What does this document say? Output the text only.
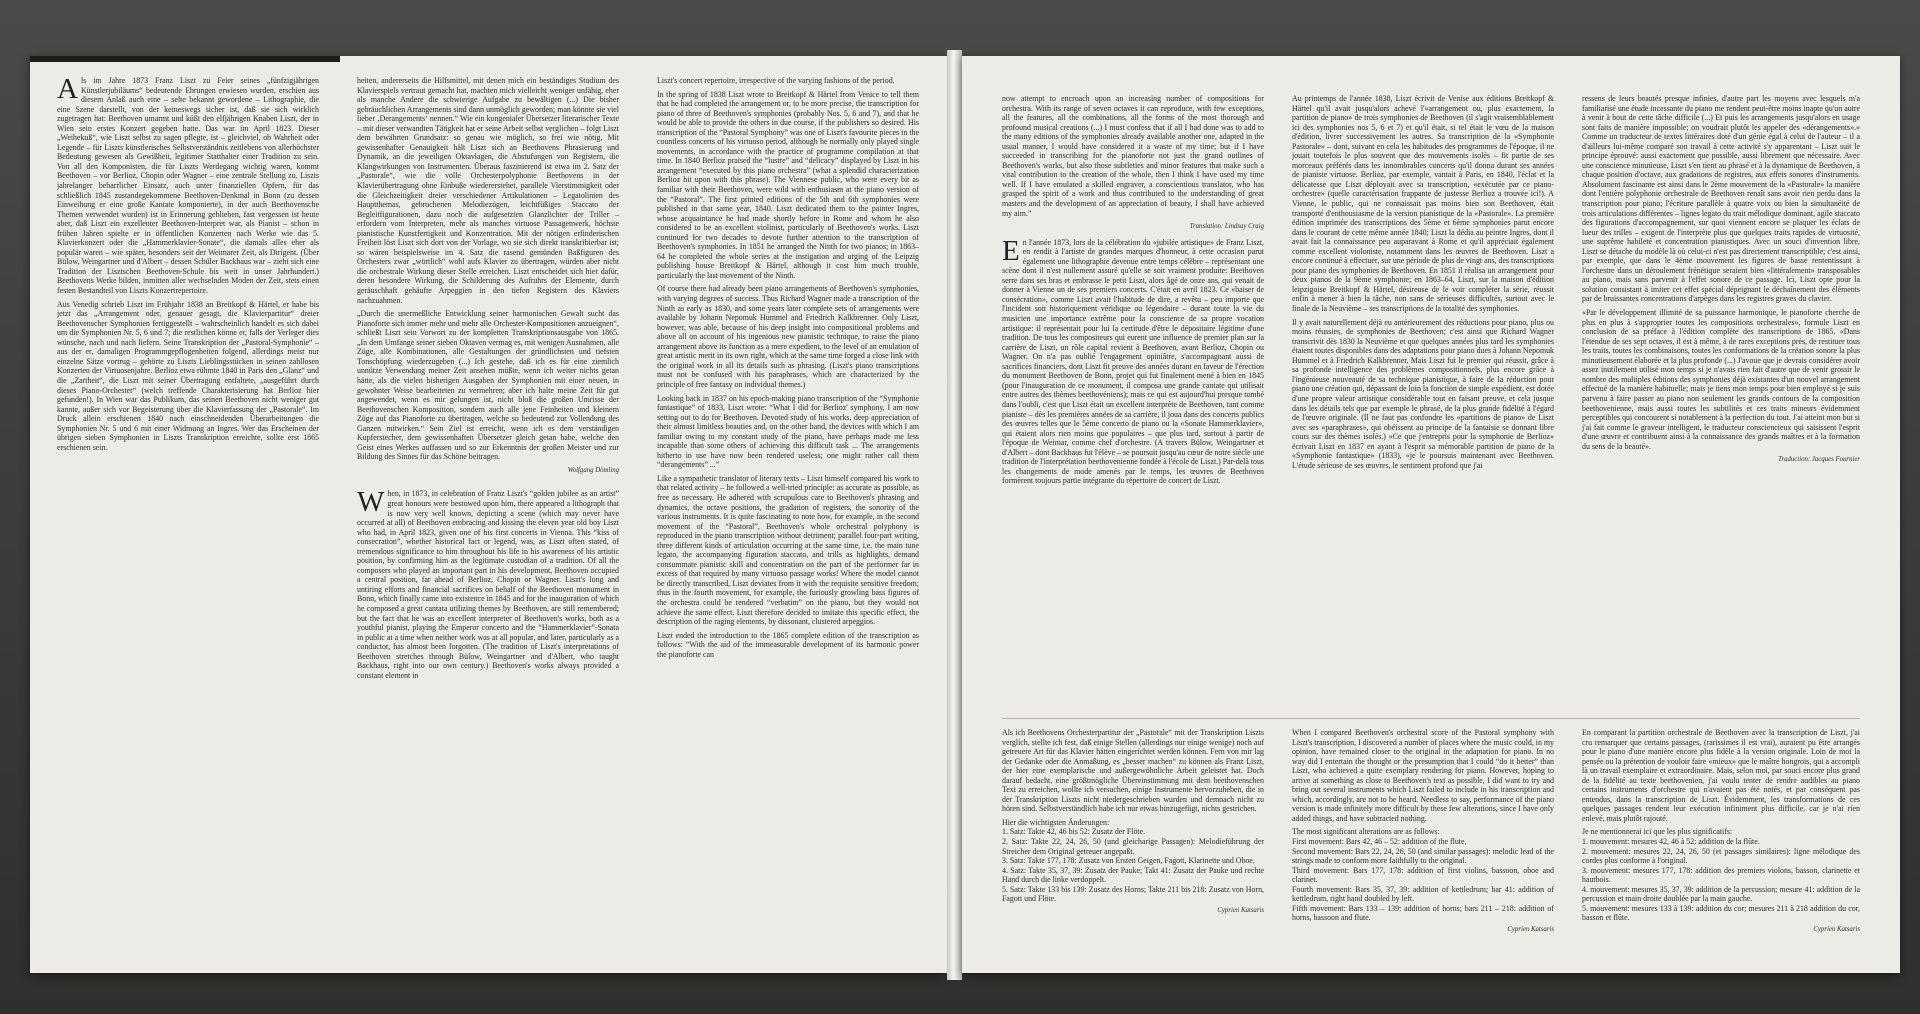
Als im Jahre 1873 Franz Liszt zu Feier seines „fünfzigjährigen Künstlerjubiläums“ bedeutende Ehrungen erwiesen wurden, erschien aus diesem Anlaß auch eine – selte bekannt gewordene – Lithographie, die eine Szene darstellt, von der keineswegs sicher ist, daß sie sich wirklich zugetragen hat: Beethoven umarmt und küßt den elfjährigen Knaben Liszt, der in Wien sein erstes Konzert gegeben hatte. Das war im April 1823. Dieser „Weihekuß“, wie Liszt selbst zu sagen pflegte, ist – gleichviel, ob Wahrheit oder Legende – für Liszts künstlerisches Selbstverständnis zeitlebens von allerhöchster Bedeutung gewesen als Gewißheit, legitimer Statthalter einer Tradition zu sein. Von all den Komponisten, die für Liszts Werdegang wichtig waren, kommt Beethoven – vor Berlioz, Chopin oder Wagner – eine zentrale Stellung zu. Liszts jahrelanger beharrlicher Einsatz, auch unter finanziellen Opfern, für das schließlich 1845 zustandegekommene Beethoven-Denkmal in Bonn (zu dessen Einweihung er eine große Kantate komponierte), in der auch Beethovensche Themen verwendet wurden) ist in Erinnerung geblieben, fast vergessen ist heute aber, daß Liszt ein exzellenter Beethoven-Interpret war, als Pianist – schon in frühen Jahren spielte er in öffentlichen Konzerten nach Werke wie das 5. Klavierkonzert oder die „Hammerklavier-Sonate“, die damals alles eher als populär waren – wie später, besonders seit der Weimarer Zeit, als Dirigent. (Über Bülow, Weingartner und d'Albert – dessen Schüler Backhaus war – zieht sich eine Tradition der Lisztschen Beethoven-Schule bis weit in unser Jahrhundert.) Beethovens Werke bilden, inmitten aller wechselnden Moden der Zeit, stets einen festen Bestandteil von Liszts Konzertrepertoire.

Aus Venedig schrieb Liszt im Frühjahr 1838 an Breitkopf & Härtel, er habe bis jetzt das „Arrangement oder, genauer gesagt, die Klavierpartitur“ dreier Beethovenscher Symphonien fertiggestellt – wahrscheinlich handelt es sich dabei um die Symphonien Nr. 5, 6 und 7; die restlichen könne er, falls der Verleger dies wünsche, nach und nach liefern. Seine Transkription der „Pastoral-Symphonie“ – aus der er, damaligen Programmgepflogenheiten folgend, allerdings meist nur einzelne Sätze vortrug – gehörte zu Liszts Lieblingsstücken in seinen zahllosen Konzerten der Virtuosenjahre. Berlioz etwa rühmte 1840 in Paris den „Glanz“ und die „Zartheit“, die Liszt mit seiner Übertragung entfaltete, „ausgeführt durch dieses Piano-Orchester“ (welch treffende Charakterisierung hat Berlioz hier gefunden!). In Wien war das Publikum, das seinen Beethoven nicht weniger gut kannte, außer sich vor Begeisterung über die Klavierfassung der „Pastorale“. Im Druck allein erschienen 1840 nach einschneidenden Überarbeitungen die Symphonien Nr. 5 und 6 mit einer Widmung an Ingres. Wer das Erscheinen der übrigen sieben Symphonien in Liszts Transkription erreichte, sollte erst 1865 erschienen sein.

heiten, andererseits die Hilfsmittel, mit denen mich ein beständiges Studium des Klavierspiels vertraut gemacht hat, machten mich vielleicht weniger unfähig, eher als manche Andere die schwierige Aufgabe zu bewältigen (...) Die bisher gebräuchlichen Arrangements sind dann unmöglich geworden; man könnte sie viel lieber ‚Derangements‘ nennen.“ Wie ein kongenialer Übersetzer literarischer Texte – mit dieser verwandten Tätigkeit hat er seine Arbeit selbst verglichen – folgt Liszt dem bewährten Grundsatz: so genau wie möglich, so frei wie nötig. Mit gewissenhafter Genauigkeit hält Liszt sich an Beethovens Phrasierung und Dynamik, an die jeweiligen Oktavlagen, die Abstufungen von Registern, die Klangwirkungen von Instrumenten. Überaus faszinierend ist etwa im 2. Satz der „Pastorale“, wie die volle Orchesterpolyphonie Beethovens in der Klavierübertragung ohne Einbuße wiedererstehet, parallele Vierstimmigkeit oder die Gleichzeitigkeit dreier verschiedener Artikulationen – Legatolinien des Hauptthemas, gebrochenen Melodiezügen, leichtfüßiges Staccato der Begleitfigurationen, dazu noch die aufgesetzten Glanzlichter der Triller – erfordern vom Interpreten, mehr als manches virtuose Passagenwerk, höchste pianistische Kunstfertigkeit und Konzentration. Mit der nötigen erfinderischen Freiheit löst Liszt sich dort von der Vorlage, wo sie sich direkt transkribierbar ist; so wären beispielsweise im 4. Satz die rasend gemünden Baßfiguren des Orchesters zwar „wörtlich“ wohl aufs Klavier zu übertragen, würden aber nicht die orchestrale Wirkung dieser Stelle erreichen. Liszt entscheidet sich hier dafür, deren besondere Wirkung, die Schilderung des Aufruhrs der Elemente, durch geräuschhaft gehäufte Arpeggien in den tiefen Registern des Klaviers nachzuahmen.

„Durch die unermeßliche Entwicklung seiner harmonischen Gewalt sucht das Pianoforte sich immer mehr und mehr alle Orchester-Kompositionen anzueignen“, schließt Liszt sein Vorwort zu der kompletten Transkriptionsausgabe von 1865. „In dem Umfange seiner sieben Oktaven vermag es, mit wenigen Ausnahmen, alle Züge, alle Kombinationen, alle Gestaltungen der gründlichsten und tiefsten Tonschöpfung wiederzugeben (...) Ich gestehe, daß ich es für eine ziemlich unnütze Verwendung meiner Zeit ansehen müßte, wenn ich weiter nichts getan hätte, als die vielen bisherigen Ausgaben der Symphonien mit einer neuen, in gewohnter Weise bearbeiteten zu vermehren; aber ich halte meine Zeit für gut angewendet, wenn es mir gelungen ist, nicht bloß die großen Umrisse der Beethovenschen Komposition, sondern auch alle jene Feinheiten und kleinern Züge auf das Pianoforte zu übertragen, welche so bedeutend zur Vollendung des Ganzen mitwirken.“ Sein Ziel ist erreicht, wenn ich es dem verständigen Kupferstecher, dem gewissenhaften Übersetzer gleich getan habe, welche den Geist eines Werkes auffassen und so zur Erkenntnis der großen Meister und zur Bildung des Sinnes für das Schöne beitragen.

Wolfgang Dömling

When, in 1873, in celebration of Franz Liszt's “golden jubilee as an artist” great honours were bestowed upon him, there appeared a lithograph that is now very well known, depicting a scene (which may never have occurred at all) of Beethoven embracing and kissing the eleven year old boy Liszt who had, in April 1823, given one of his first concerts in Vienna. This “kiss of consecration”, whether historical fact or legend, was, as Liszt often stated, of tremendous significance to him throughout his life in his awareness of his artistic position, by confirming him as the legitimate custodian of a tradition. Of all the composers who played an important part in his development, Beethoven occupied a central position, far ahead of Berlioz, Chopin or Wagner. Liszt's long and untiring efforts and financial sacrifices on behalf of the Beethoven monument in Bonn, which finally came into existence in 1845 and for the inauguration of which he composed a great cantata utilizing themes by Beethoven, are still remembered; but the fact that he was an excellent interpreter of Beethoven's works, both as a youthful pianist, playing the Emperor concerto and the “Hammerklavier”-Sonata in public at a time when neither work was at all popular, and later, particularly as a conductor, has almost been forgotten. (The tradition of Liszt's interpretations of Beethoven stretches through Bülow, Weingartner and d'Albert, who taught Backhaus, right into our own century.) Beethoven's works always provided a constant element in

Liszt's concert repertoire, irrespective of the varying fashions of the period.

In the spring of 1838 Liszt wrote to Breitkopf & Härtel from Venice to tell them that he had completed the arrangement or, to be more precise, the transcription for piano of three of Beethoven's symphonies (probably Nos. 5, 6 and 7), and that he would be able to provide the others in due course, if the publishers so desired. His transcription of the “Pastoral Symphony” was one of Liszt's favourite pieces in the countless concerts of his virtuoso period, although he normally only played single movements, in accordance with the practice of programme compilation at that time. In 1840 Berlioz praised the “lustre” and “delicacy” displayed by Liszt in his arrangement “executed by this piano orchestra” (what a splendid characterization Berlioz hit upon with this phrase). The Viennese public, who were every bit as familiar with their Beethoven, were wild with enthusiasm at the piano version of the “Pastoral”. The first printed editions of the 5th and 6th symphonies were published in that same year, 1840. Liszt dedicated them to the painter Ingres, whose acquaintance he had made shortly before in Rome and whom he also considered to be an excellent violinist, particularly of Beethoven's works. Liszt continued for two decades to devote further attention to the transcription of Beethoven's symphonies. In 1851 he arranged the Ninth for two pianos; in 1863–64 he completed the whole series at the instigation and urging of the Leipzig publishing house Breitkopf & Härtel, although it cost him much trouble, particularly the last movement of the Ninth.

Of course there had already been piano arrangements of Beethoven's symphonies, with varying degrees of success. Thus Richard Wagner made a transcription of the Ninth as early as 1830, and some years later complete sets of arrangements were available by Johann Nepomuk Hummel and Friedrich Kalkbrenner. Only Liszt, however, was able, because of his deep insight into compositional problems and above all on account of his ingenious new pianistic technique, to raise the piano arrangement above its function as a mere expedient, to the level of an emulation of great artistic merit in its own right, which at the same time forged a close link with the original work in all its details such as phrasing. (Liszt's piano transcriptions must not be confused with his paraphrases, which are characterized by the principle of free fantasy on individual themes.)

Looking back in 1837 on his epoch-making piano transcription of the “Symphonie fantastique” of 1833, Liszt wrote: “What I did for Berlioz' symphony, I am now setting out to do for Beethoven. Devoted study of his works, deep appreciation of their almost limitless beauties and, on the other hand, the devices with which I am familiar owing to my constant study of the piano, have perhaps made me less incapable than some others of achieving this difficult task ... The arrangements hitherto in use have now been rendered useless; one might rather call them “derangements” ...”

Like a sympathetic translator of literary texts – Liszt himself compared his work to that related activity – he followed a well-tried principle: as accurate as possible, as free as necessary. He adhered with scrupulous care to Beethoven's phrasing and dynamics, the octave positions, the gradation of registers, the sonority of the various instruments. It is quite fascinating to note how, for example, in the second movement of the “Pastoral”, Beethoven's whole orchestral polyphony is reproduced in the piano transcription without detriment; parallel four-part writing, three different kinds of articulation occurring at the same time, i.e. the main tune legato, the accompanying figuration staccato, and trills as highlights, demand consummate pianistic skill and concentration on the part of the performer far in excess of that required by many virtuoso passage works! Where the model cannot be directly transcribed, Liszt deviates from it with the requisite sensitive freedom; thus in the fourth movement, for example, the furiously growling bass figures of the orchestra could be rendered “verbatim” on the piano, but they would not achieve the same effect. Liszt therefore decided to imitate this specific effect, the description of the raging elements, by dissonant, clustered arpeggios.

Liszt ended the introduction to the 1865 complete edition of the transcription as follows: “With the aid of the immeasurable development of its harmonic power the pianoforte can

now attempt to encroach upon an increasing number of compositions for orchestra. With its range of seven octaves it can reproduce, with few exceptions, all the features, all the combinations, all the forms of the most thorough and profound musical creations (...) I must confess that if all I had done was to add to the many editions of the symphonies already available another one, adapted in the usual manner, I would have considered it a waste of my time; but if I have succeeded in transcribing for the pianoforte not just the grand outlines of Beethoven's works, but also those subtleties and minor features that make such a vital contribution to the creation of the whole, then I think I have used my time well. If I have emulated a skilled engraver, a conscientious translator, who has grasped the spirit of a work and thus contributed to the understanding of great masters and the development of an appreciation of beauty, I shall have achieved my aim.”

Translation: Lindsay Craig

En l'année 1873, lors de la célébration du «jubilée artistique» de Franz Liszt, en rendit à l'artiste de grandes marques d'honneur, à cette occasion parut également une lithographie devenue entre temps célèbre – représentant une scène dont il n'est nullement assuré qu'elle se soit vraiment produite: Beethoven serre dans ses bras et embrasse le petit Liszt, alors âgé de onze ans, qui venait de donner à Vienne un de ses premiers concerts. C'était en avril 1823. Ce «baiser de consécration», comme Liszt avait l'habitude de dire, a revêtu – peu importe que l'incident soit historiquement véridique ou légendaire – durant toute la vie du musicien une importance extrême pour la conscience de sa propre vocation artistique: il représentait pour lui la certitude d'être le dépositaire légitime d'une tradition. De tous les compositeurs qui eurent une influence de premier plan sur la carrière de Liszt, un rôle capital revient à Beethoven, avant Berlioz, Chopin ou Wagner. On n'a pas oublié l'engagement opiniâtre, s'accompagnant aussi de sacrifices financiers, dont Liszt fit preuve des années durant en faveur de l'érection du monument Beethoven de Bonn, projet qui fut finalement mené à bien en 1845 (pour l'inauguration de ce monument, il composa une grande cantate qui utilisait entre autres des thèmes beethovéniens); mais ce qui est aujourd'hui presque tombé dans l'oubli, c'est que Liszt était un excellent interprète de Beethoven, tant comme pianiste – dès les premières années de sa carrière, il joua dans des concerts publics des œuvres telles que le 5ème concerto de piano ou la «Sonate Hammerklavier», qui étaient alors rien moins que populaires – que plus tard, surtout à partir de l'époque de Weimar, comme chef d'orchestre. (A travers Bülow, Weingartner et d'Albert – dont Backhaus fut l'élève – se poursuit jusqu'au cœur de notre siècle une tradition de l'interprétation beethovenienne fondée à l'école de Liszt.) Par-delà tous les changements de mode amenés par le temps, les œuvres de Beethoven formèrent toujours partie intégrante du répertoire de concert de Liszt.

Au printemps de l'année 1838, Liszt écrivit de Venise aux éditions Breitkopf & Härtel qu'il avait jusqu'alors achevé l'«arrangement ou, plus exactement, la partition de piano» de trois symphonies de Beethoven (il s'agit vraisemblablement ici des symphonies nos 5, 6 et 7) et qu'il était, si tel était le vœu de la maison d'édition, livrer successivement les autres. Sa transcription de la «Symphonie Pastorale» – dont, suivant en cela les habitudes des programmes de l'époque, il ne jouait toutefois le plus souvent que des mouvements isolés – fit partie de ses morceaux préférés dans les innombrables concerts qu'il donna durant ses années de pianiste virtuose. Berlioz, par exemple, vantait à Paris, en 1840, l'éclat et la délicatesse que Liszt déployait avec sa transcription, «exécutée par ce piano-orchestre» (quelle caractérisation frappante de justesse Berlioz a trouvée ici!). A Vienne, le public, qui ne connaissait pas moins bien son Beethoven, était transporté d'enthousiasme de la version pianistique de la «Pastorale». La première édition imprimée des transcriptions des 5ème et 6ème symphonies parut encore dans le courant de cette même année 1840; Liszt la dédia au peintre Ingres, dont il avait fait la connaissance peu auparavant à Rome et qu'il appréciait également comme excellent violoniste, notamment dans les œuvres de Beethoven. Liszt a encore continué à effectuer, sur une période de plus de vingt ans, des transcriptions pour piano des symphonies de Beethoven. En 1851 il réalisa un arrangement pour deux pianos de la 9ème symphonie; en 1863–64, Liszt, sur la maison d'édition leipzigoise Breitkopf & Härtel, désireuse de le voir compléter la série, réussit enfin à mener à bien la tâche, non sans de sérieuses difficultés, surtout avec le finale de la Neuvième – ses transcriptions de la totalité des symphonies.

Il y avait naturellement déjà eu antérieurement des réductions pour piano, plus ou moins réussies, de symphonies de Beethoven; c'est ainsi que Richard Wagner transcrivit dès 1830 la Neuvième et que quelques années plus tard les symphonies étaient toutes disponibles dans des adaptations pour piano dues à Johann Nepomuk Hummel et à Friedrich Kalkbrenner. Mais Liszt fut le premier qui réussit, grâce à sa profonde intelligence des problèmes compositionnels, plus encore grâce à l'ingénieuse nouveauté de sa technique pianistique, à faire de la réduction pour piano une création qui, dépassant de loin la fonction de simple expédient, est dotée d'une propre valeur artistique considérable tout en faisant preuve, et cela jusque dans les détails tels que par exemple le phrasé, de la plus grande fidélité à l'égard de l'œuvre originale. (Il ne faut pas confondre les «partitions de piano» de Liszt avec ses «paraphrases», qui obéissent au principe de la fantaisie se donnant libre cours sur des thèmes isolés.) «Ce que j'entrepris pour la symphonie de Berlioz» écrivait Liszt en 1837 en ayant à l'esprit sa mémorable partition de piano de la «Symphonie fantastique» (1833), «je le poursuis maintenant avec Beethoven. L'étude sérieuse de ses œuvres, le sentiment profond que j'ai

ressens de leurs beautés presque infinies, d'autre part les moyens avec lesquels m'a familiarisé une étude incessante du piano me rendent peut-être moins inapte qu'un autre à venir à bout de cette tâche difficile (...) Et puis les arrangements jusqu'alors en usage sont faits de manière impossible; on voudrait plutôt les appeler des «dérangements».» Comme un traducteur de textes littéraires doté d'un génie égal à celui de l'auteur – il a d'ailleurs lui-même comparé son travail à cette activité s'y apparentant – Liszt suit le principe éprouvé: aussi exactement que possible, aussi librement que nécessaire. Avec une conscience minutieuse, Liszt s'en tient au phrasé et à la dynamique de Beethoven, à chaque position d'octave, aux gradations de registres, aux effets sonores d'instruments. Absolument fascinante est ainsi dans le 2ème mouvement de la «Pastorale» la manière dont l'entière polyphonie orchestrale de Beethoven renaît sans avoir rien perdu dans la transcription pour piano; l'écriture parallèle à quatre voix ou bien la simultanéité de trois articulations différentes – lignes legato du trait mélodique dominant, agile staccato des figurations d'accompagnement, sur quoi viennent encore se plaquer les éclats de lueur des trilles – exigent de l'interprète plus que quelques traits rapides de virtuosité, une suprême habileté et concentration pianistiques. Avec un souci d'invention libre, Liszt se détache du modèle là où celui-ci n'est pas directement transcriptible; c'est ainsi, par exemple, que dans le 4ème mouvement les figures de basse rententissant à l'orchestre dans un déroulement frénétique seraient bien «littéralement» transposables au piano, mais sans parvenir à l'effet sonore de ce passage. Ici, Liszt opte pour la solution consistant à imiter cet effet spécial dépeignant le déchaînement des éléments par de bruissantes concentrations d'arpèges dans les registres graves du clavier.

«Par le développement illimité de sa puissance harmonique, le pianoforte cherche de plus en plus à s'approprier toutes les compositions orchestrales», formule Liszt en conclusion de sa préface à l'édition complète des transcriptions de 1865. «Dans l'étendue de ses sept octaves, il est à même, à de rares exceptions près, de restituer tous les traits, toutes les combinaisons, toutes les conformations de la création sonore la plus minutieusement élaborée et la plus profonde (...) J'avoue que je devrais considérer avoir assez inutilement utilisé mon temps si je n'avais rien fait d'autre que de venir grossir le nombre des multiples éditions des symphonies déjà existantes d'un nouvel arrangement effectué de la manière habituelle; mais je tiens mon temps pour bien employé si je suis parvenu à faire passer au piano non seulement les grands contours de la composition beethovenienne, mais aussi toutes les subtilités et ces traits mineurs évidemment perceptibles qui concourent si notablement à la perfection du tout. J'ai atteint mon but si j'ai fait comme le graveur intelligent, le traducteur consciencieux qui saisissent l'esprit d'une œuvre et contribuent ainsi à la connaissance des grands maîtres et à la formation du sens de la beauté».

Traduction: Jacques Fournier

Als ich Beethovens Orchesterpartitur der „Pastorale“ mit der Transkription Liszts verglich, stellte ich fest, daß einige Stellen (allerdings nur einige wenige) noch auf getreuere Art für das Klavier hätten eingerichtet werden können. Fern von mir lag der Gedanke oder die Anmaßung, es „besser machen“ zu können als Franz Liszt, der hier eine exemplarische und außergewöhnliche Arbeit geleistet hat. Doch darauf bedacht, eine größtmögliche Übereinstimmung mit dem beethovenschen Text zu erreichen, wollte ich versuchen, einige Instrumente hervorzuheben, die in der Transkription Liszts nicht niedergeschrieben wurden und demnach nicht zu hören sind. Selbstverständlich habe ich nur etwas hinzugefügt, nichts gestrichen.

Hier die wichtigsten Änderungen:
1. Satz: Takte 42, 46 bis 52: Zusatz der Flöte.
2. Satz: Takte 22, 24, 26, 50 (und gleicharige Passagen): Melodieführung der Streicher dem Original getreuer angepaßt.
3. Satz: Takte 177, 178: Zusatz von Ersten Geigen, Fagott, Klarinette und Oboe.
4. Satz: Takte 35, 37, 39: Zusatz der Pauke; Takt 41: Zusatz der Pauke und rechte Hand durch die linke verdoppelt.
5. Satz: Takte 133 bis 139: Zusatz des Horns; Takte 211 bis 218: Zusatz von Horn, Fagott und Flöte.
Cyprien Katsaris

When I compared Beethoven's orchestral score of the Pastoral symphony with Liszt's transcription, I discovered a number of places where the music could, in my opinion, have remained closer to the original in the adaptation for piano. In no way did I entertain the thought or the presumption that I could “do it better” than Liszt, who achieved a quite exemplary rendering for piano. However, hoping to arrive at something as close to Beethoven's text as possible, I did want to try and bring out several instruments which Liszt failed to include in his transcription and which, accordingly, are not to be heard. Needless to say, performance of the piano version is made infinitely more difficult by these few alterations, since I have only added things, and have subtracted nothing.

The most significant alterations are as follows:
First movement: Bars 42, 46 – 52: addition of the flute.
Second movement: Bars 22, 24, 26, 50 (and similar passages): melodic lead of the strings made to conform more faithfully to the original.
Third movement: Bars 177, 178: addition of first violins, bassoon, oboe and clarinet.
Fourth movement: Bars 35, 37, 39: addition of kettledrum; bar 41: addition of kettledrum, right hand doubled by left.
Fifth movement: Bars 133 – 139: addition of horns; bars 211 – 218: addition of horns, bassoon and flute.
Cyprien Katsaris

En comparant la partition orchestrale de Beethoven avec la transcription de Liszt, j'ai cru remarquer que certains passages, (rarissimes il est vrai), auraient pu être arrangés pour le piano d'une manière encore plus fidèle à la version originale. Loin de moi la pensée ou la prétention de vouloir faire «mieux» que le maître hongrois, qui a accompli là un travail exemplaire et extraordinaire. Mais, selon moi, par souci encore plus grand de la fidélité au texte beethovenien, j'ai voulu tenter de rendre audibles au piano certains instruments d'orchestre qui n'avaient pas été notés, et par conséquent pas entendus, dans la transcription de Liszt. Évidemment, les transformations de ces quelques passages rendent leur exécution infiniment plus difficile, car je n'ai rien enlevé, mais plutôt rajouté.

Je ne mentionnerai ici que les plus significatifs:
1. mouvement: mesures 42, 46 à 52: addition de la flûte.
2. mouvement: mesures 22, 24, 26, 50 (et passages similaires): ligne mélodique des cordes plus conforme à l'original.
3. mouvement: mesures 177, 178: addition des premiers violons, basson, clarinette et hautbois.
4. mouvement: mesures 35, 37, 39: addition de la percussion; mesure 41: addition de la percussion et main droite doublée par la main gauche.
5. mouvement: mesures 133 à 139: addition du cor; mesures 211 à 218 addition du cor, basson et flûte.
Cyprien Katsaris
